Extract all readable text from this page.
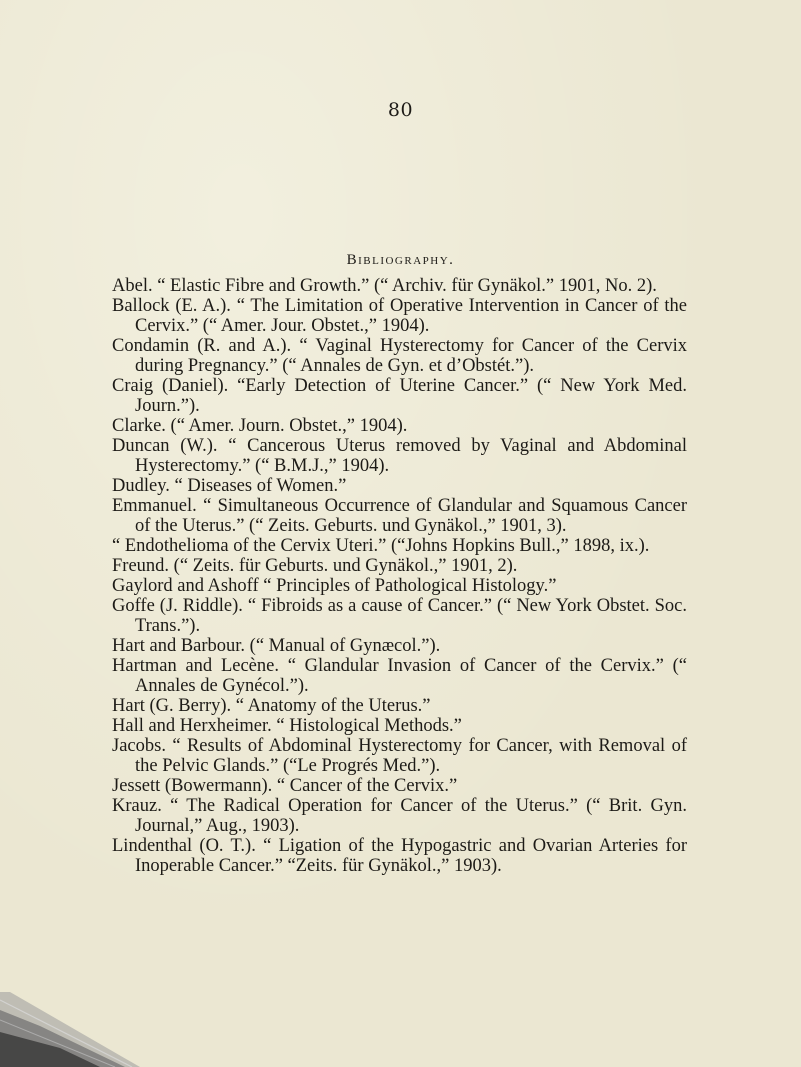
80
Bibliography.

Abel. “ Elastic Fibre and Growth.” (“ Archiv. für Gynäkol.” 1901, No. 2).

Ballock (E. A.). “ The Limitation of Operative Intervention in Cancer of the Cervix.” (“ Amer. Jour. Obstet.,” 1904).

Condamin (R. and A.). “ Vaginal Hysterectomy for Cancer of the Cervix during Pregnancy.” (“ Annales de Gyn. et d’Obstét.”).

Craig (Daniel). “Early Detection of Uterine Cancer.” (“ New York Med. Journ.”).

Clarke. (“ Amer. Journ. Obstet.,” 1904).

Duncan (W.). “ Cancerous Uterus removed by Vaginal and Abdominal Hysterectomy.” (“ B.M.J.,” 1904).

Dudley. “ Diseases of Women.”

Emmanuel. “ Simultaneous Occurrence of Glandular and Squamous Cancer of the Uterus.” (“ Zeits. Geburts. und Gynäkol.,” 1901, 3).

“ Endothelioma of the Cervix Uteri.” (“Johns Hopkins Bull.,” 1898, ix.).

Freund. (“ Zeits. für Geburts. und Gynäkol.,” 1901, 2).

Gaylord and Ashoff “ Principles of Pathological Histology.”

Goffe (J. Riddle). “ Fibroids as a cause of Cancer.” (“ New York Obstet. Soc. Trans.”).

Hart and Barbour. (“ Manual of Gynæcol.”).

Hartman and Lecène. “ Glandular Invasion of Cancer of the Cervix.” (“ Annales de Gynécol.”).

Hart (G. Berry). “ Anatomy of the Uterus.”

Hall and Herxheimer. “ Histological Methods.”

Jacobs. “ Results of Abdominal Hysterectomy for Cancer, with Removal of the Pelvic Glands.” (“Le Progrés Med.”).

Jessett (Bowermann). “ Cancer of the Cervix.”

Krauz. “ The Radical Operation for Cancer of the Uterus.” (“ Brit. Gyn. Journal,” Aug., 1903).

Lindenthal (O. T.). “ Ligation of the Hypogastric and Ovarian Arteries for Inoperable Cancer.” “Zeits. für Gynäkol.,” 1903).
